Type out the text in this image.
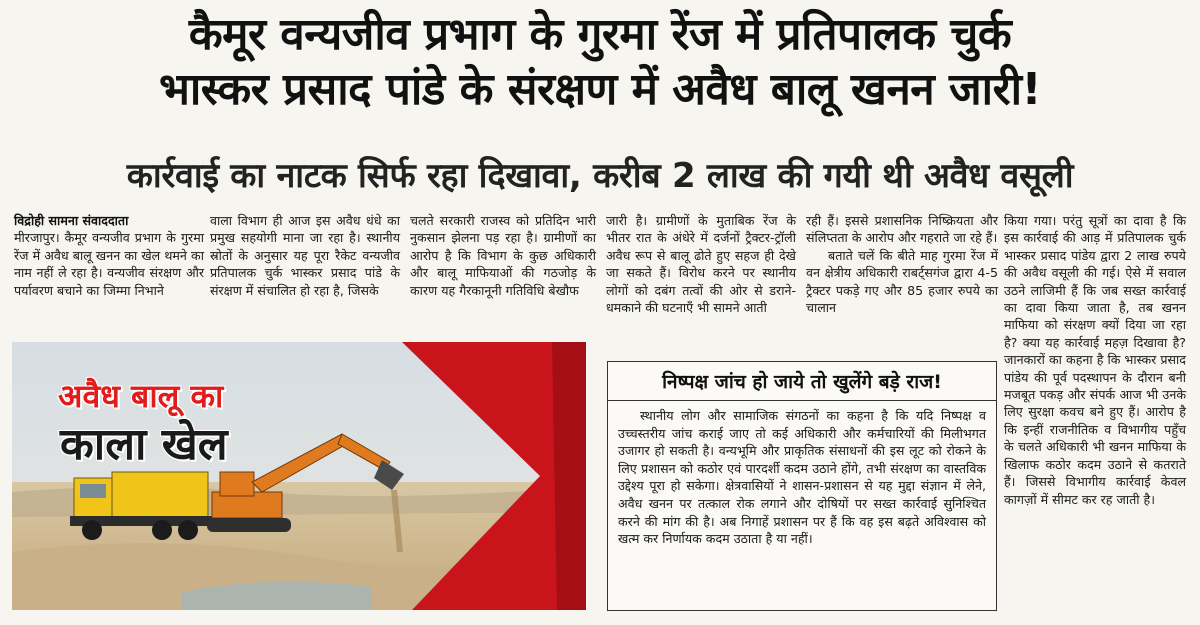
कैमूर वन्यजीव प्रभाग के गुरमा रेंज में प्रतिपालक चुर्क
भास्कर प्रसाद पांडे के संरक्षण में अवैध बालू खनन जारी!
कार्रवाई का नाटक सिर्फ रहा दिखावा, करीब 2 लाख की गयी थी अवैध वसूली
विद्रोही सामना संवाददाता
मीरजापुर। कैमूर वन्यजीव प्रभाग के गुरमा रेंज में अवैध बालू खनन का खेल थमने का नाम नहीं ले रहा है। वन्यजीव संरक्षण और पर्यावरण बचाने का जिम्मा निभाने
वाला विभाग ही आज इस अवैध धंधे का प्रमुख सहयोगी माना जा रहा है। स्थानीय स्रोतों के अनुसार यह पूरा रैकेट वन्यजीव प्रतिपालक चुर्क भास्कर प्रसाद पांडे के संरक्षण में संचालित हो रहा है, जिसके
चलते सरकारी राजस्व को प्रतिदिन भारी नुकसान झेलना पड़ रहा है। ग्रामीणों का आरोप है कि विभाग के कुछ अधिकारी और बालू माफियाओं की गठजोड़ के कारण यह गैरकानूनी गतिविधि बेखौफ
जारी है। ग्रामीणों के मुताबिक रेंज के भीतर रात के अंधेरे में दर्जनों ट्रैक्टर-ट्रॉली अवैध रूप से बालू ढोते हुए सहज ही देखे जा सकते हैं। विरोध करने पर स्थानीय लोगों को दबंग तत्वों की ओर से डराने-धमकाने की घटनाएँ भी सामने आती
रही हैं। इससे प्रशासनिक निष्क्रियता और संलिप्तता के आरोप और गहराते जा रहे हैं।
बताते चलें कि बीते माह गुरमा रेंज में वन क्षेत्रीय अधिकारी राबर्ट्सगंज द्वारा 4-5 ट्रैक्टर पकड़े गए और 85 हजार रुपये का चालान
किया गया। परंतु सूत्रों का दावा है कि इस कार्रवाई की आड़ में प्रतिपालक चुर्क भास्कर प्रसाद पांडेय द्वारा 2 लाख रुपये की अवैध वसूली की गई। ऐसे में सवाल उठने लाजिमी हैं कि जब सख्त कार्रवाई का दावा किया जाता है, तब खनन माफिया को संरक्षण क्यों दिया जा रहा है? क्या यह कार्रवाई महज़ दिखावा है? जानकारों का कहना है कि भास्कर प्रसाद पांडेय की पूर्व पदस्थापन के दौरान बनी मजबूत पकड़ और संपर्क आज भी उनके लिए सुरक्षा कवच बने हुए हैं। आरोप है कि इन्हीं राजनीतिक व विभागीय पहुँच के चलते अधिकारी भी खनन माफिया के खिलाफ कठोर कदम उठाने से कतराते हैं। जिससे विभागीय कार्रवाई केवल कागज़ों में सीमट कर रह जाती है।
अवैध बालू का
काला खेल
निष्पक्ष जांच हो जाये तो खुलेंगे बड़े राज!
स्थानीय लोग और सामाजिक संगठनों का कहना है कि यदि निष्पक्ष व उच्चस्तरीय जांच कराई जाए तो कई अधिकारी और कर्मचारियों की मिलीभगत उजागर हो सकती है। वन्यभूमि और प्राकृतिक संसाधनों की इस लूट को रोकने के लिए प्रशासन को कठोर एवं पारदर्शी कदम उठाने होंगे, तभी संरक्षण का वास्तविक उद्देश्य पूरा हो सकेगा। क्षेत्रवासियों ने शासन-प्रशासन से यह मुद्दा संज्ञान में लेने, अवैध खनन पर तत्काल रोक लगाने और दोषियों पर सख्त कार्रवाई सुनिश्चित करने की मांग की है। अब निगाहें प्रशासन पर हैं कि वह इस बढ़ते अविश्वास को खत्म कर निर्णायक कदम उठाता है या नहीं।
